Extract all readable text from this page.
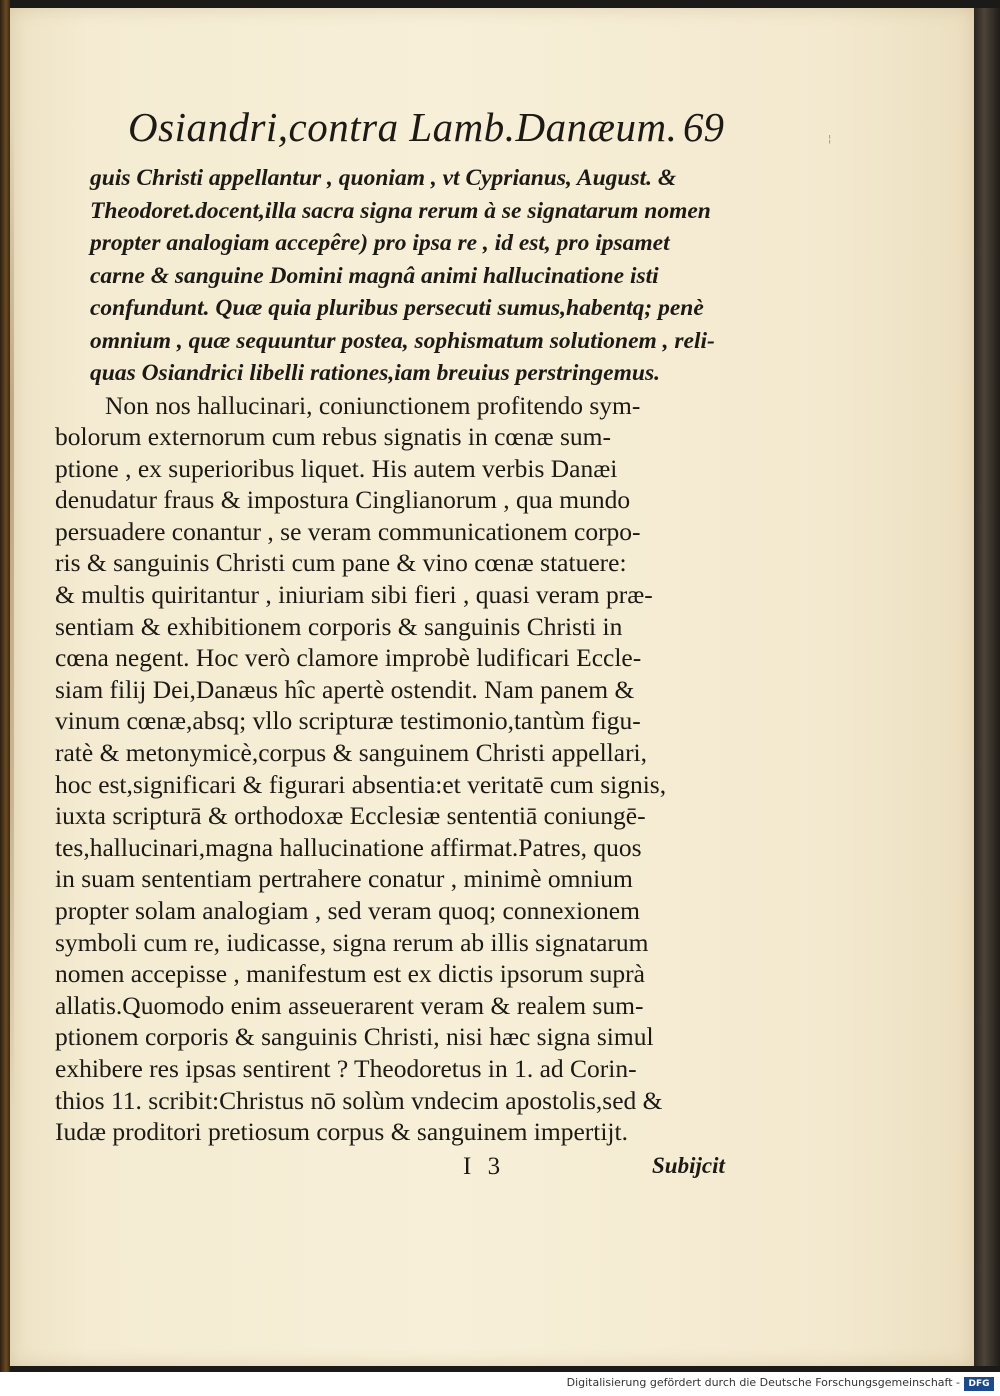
Osiandri,contra Lamb.Danæum. 69	¦
guis Christi appellantur , quoniam , vt Cyprianus, August. &
Theodoret.docent,illa sacra signa rerum à se signatarum nomen
propter analogiam accepêre) pro ipsa re , id est, pro ipsamet
carne & sanguine Domini magnâ animi hallucinatione isti
confundunt. Quæ quia pluribus persecuti sumus,habentq; penè
omnium , quæ sequuntur postea, sophismatum solutionem , reli-
quas Osiandrici libelli rationes,iam breuius perstringemus.
Non nos hallucinari, coniunctionem profitendo sym-
bolorum externorum cum rebus signatis in cœnæ sum-
ptione , ex superioribus liquet. His autem verbis Danæi
denudatur fraus & impostura Cinglianorum , qua mundo
persuadere conantur , se veram communicationem corpo-
ris & sanguinis Christi cum pane & vino cœnæ statuere:
& multis quiritantur , iniuriam sibi fieri , quasi veram præ-
sentiam & exhibitionem corporis & sanguinis Christi in
cœna negent. Hoc verò clamore improbè ludificari Eccle-
siam filij Dei,Danæus hîc apertè ostendit. Nam panem &
vinum cœnæ,absq; vllo scripturæ testimonio,tantùm figu-
ratè & metonymicè,corpus & sanguinem Christi appellari,
hoc est,significari & figurari absentia:et veritatē cum signis,
iuxta scripturā & orthodoxæ Ecclesiæ sententiā coniungē-
tes,hallucinari,magna hallucinatione affirmat.Patres, quos
in suam sententiam pertrahere conatur , minimè omnium
propter solam analogiam , sed veram quoq; connexionem
symboli cum re, iudicasse, signa rerum ab illis signatarum
nomen accepisse , manifestum est ex dictis ipsorum suprà
allatis.Quomodo enim asseuerarent veram & realem sum-
ptionem corporis & sanguinis Christi, nisi hæc signa simul
exhibere res ipsas sentirent ? Theodoretus in 1. ad Corin-
thios 11. scribit:Christus nō solùm vndecim apostolis,sed &
Iudæ proditori pretiosum corpus & sanguinem impertijt.
I 3	Subijcit
Digitalisierung gefördert durch die Deutsche Forschungsgemeinschaft - DFG
